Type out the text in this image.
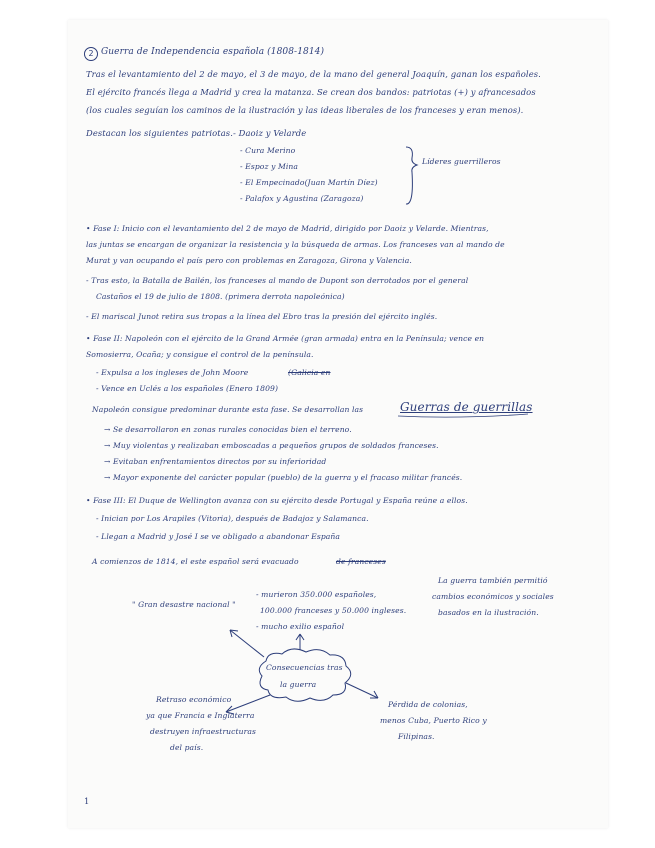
2 Guerra de Independencia española (1808-1814)
Tras el levantamiento del 2 de mayo, el 3 de mayo, de la mano del general Joaquín, ganan los españoles.
El ejército francés llega a Madrid y crea la matanza. Se crean dos bandos: patriotas (+) y afrancesados
(los cuales seguían los caminos de la ilustración y las ideas liberales de los franceses y eran menos).
Destacan los siguientes patriotas.- Daoiz y Velarde
- Cura Merino
- Espoz y Mina
- El Empecinado(Juan Martín Díez)
- Palafox y Agustina (Zaragoza)
Líderes guerrilleros
• Fase I: Inicio con el levantamiento del 2 de mayo de Madrid, dirigido por Daoiz y Velarde. Mientras,
las juntas se encargan de organizar la resistencia y la búsqueda de armas. Los franceses van al mando de
Murat y van ocupando el país pero con problemas en Zaragoza, Girona y Valencia.
- Tras esto, la Batalla de Bailén, los franceses al mando de Dupont son derrotados por el general
Castaños el 19 de julio de 1808. (primera derrota napoleónica)
- El mariscal Junot retira sus tropas a la línea del Ebro tras la presión del ejército inglés.
• Fase II: Napoleón con el ejército de la Grand Armée (gran armada) entra en la Península; vence en
Somosierra, Ocaña; y consigue el control de la península.
- Expulsa a los ingleses de John Moore	(Galicia en
- Vence en Uclés a los españoles (Enero 1809)
Napoleón consigue predominar durante esta fase. Se desarrollan las	Guerras de guerrillas
→ Se desarrollaron en zonas rurales conocidas bien el terreno.
→ Muy violentas y realizaban emboscadas a pequeños grupos de soldados franceses.
→ Evitaban enfrentamientos directos por su inferioridad
→ Mayor exponente del carácter popular (pueblo) de la guerra y el fracaso militar francés.
• Fase III: El Duque de Wellington avanza con su ejército desde Portugal y España reúne a ellos.
- Inician por Los Arapiles (Vitoria), después de Badajoz y Salamanca.
- Llegan a Madrid y José I se ve obligado a abandonar España
A comienzos de 1814, el este español será evacuado	de franceses
La guerra también permitió
cambios económicos y sociales
basados en la ilustración.
" Gran desastre nacional "
- murieron 350.000 españoles,
100.000 franceses y 50.000 ingleses.
- mucho exilio español
Consecuencias tras
la guerra
Retraso económico
ya que Francia e Inglaterra
destruyen infraestructuras
del país.
Pérdida de colonias,
menos Cuba, Puerto Rico y
Filipinas.
1
